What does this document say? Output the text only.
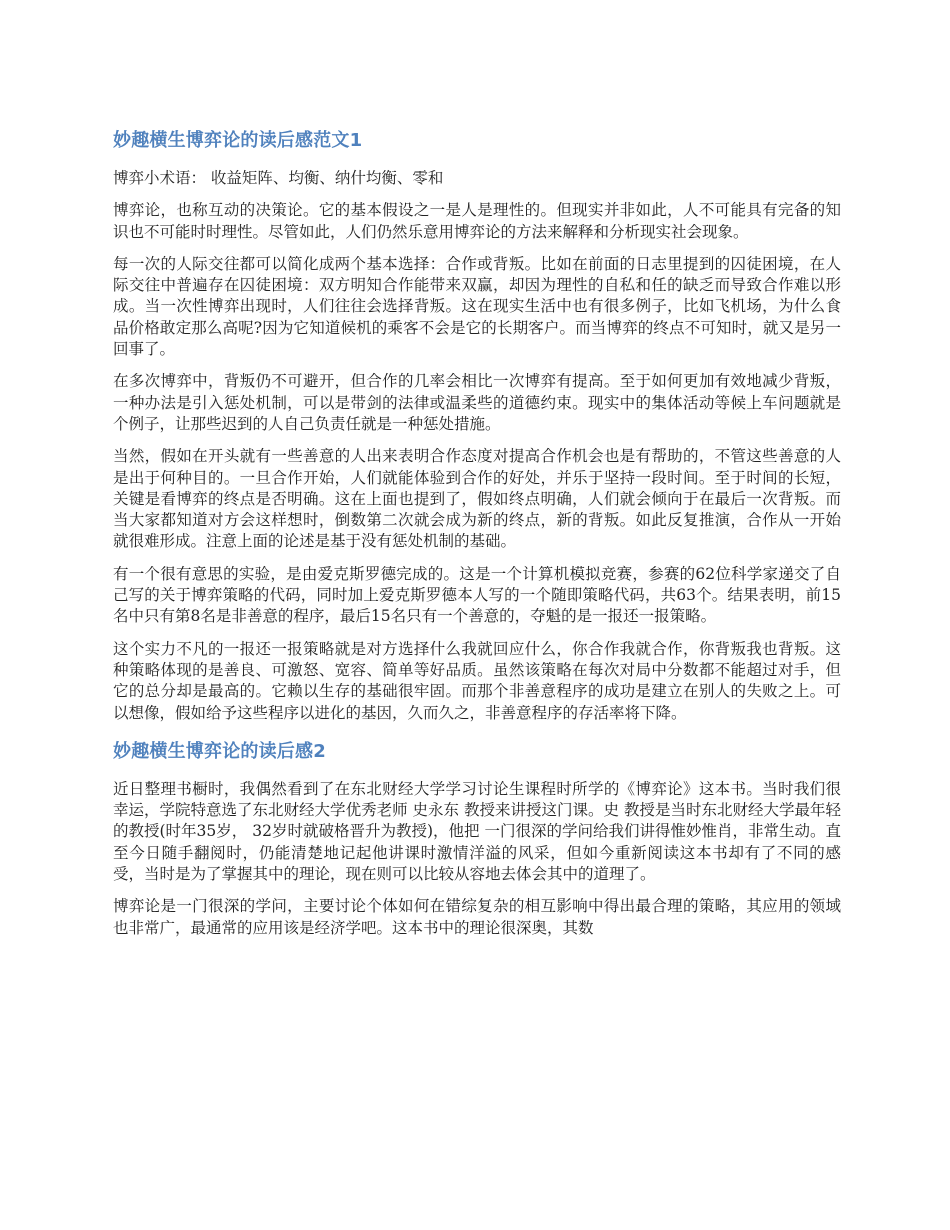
妙趣横生博弈论的读后感范文1

博弈小术语： 收益矩阵、均衡、纳什均衡、零和

博弈论，也称互动的决策论。它的基本假设之一是人是理性的。但现实并非如此，人不可能具有完备的知识也不可能时时理性。尽管如此，人们仍然乐意用博弈论的方法来解释和分析现实社会现象。

每一次的人际交往都可以简化成两个基本选择：合作或背叛。比如在前面的日志里提到的囚徒困境，在人际交往中普遍存在囚徒困境：双方明知合作能带来双赢，却因为理性的自私和任的缺乏而导致合作难以形成。当一次性博弈出现时，人们往往会选择背叛。这在现实生活中也有很多例子，比如飞机场，为什么食品价格敢定那么高呢?因为它知道候机的乘客不会是它的长期客户。而当博弈的终点不可知时，就又是另一回事了。

在多次博弈中，背叛仍不可避开，但合作的几率会相比一次博弈有提高。至于如何更加有效地减少背叛，一种办法是引入惩处机制，可以是带剑的法律或温柔些的道德约束。现实中的集体活动等候上车问题就是个例子，让那些迟到的人自己负责任就是一种惩处措施。

当然，假如在开头就有一些善意的人出来表明合作态度对提高合作机会也是有帮助的，不管这些善意的人是出于何种目的。一旦合作开始，人们就能体验到合作的好处，并乐于坚持一段时间。至于时间的长短，关键是看博弈的终点是否明确。这在上面也提到了，假如终点明确，人们就会倾向于在最后一次背叛。而当大家都知道对方会这样想时，倒数第二次就会成为新的终点，新的背叛。如此反复推演，合作从一开始就很难形成。注意上面的论述是基于没有惩处机制的基础。

有一个很有意思的实验，是由爱克斯罗德完成的。这是一个计算机模拟竞赛，参赛的62位科学家递交了自己写的关于博弈策略的代码，同时加上爱克斯罗德本人写的一个随即策略代码，共63个。结果表明，前15名中只有第8名是非善意的程序，最后15名只有一个善意的，夺魁的是一报还一报策略。

这个实力不凡的一报还一报策略就是对方选择什么我就回应什么，你合作我就合作，你背叛我也背叛。这种策略体现的是善良、可激怒、宽容、简单等好品质。虽然该策略在每次对局中分数都不能超过对手，但它的总分却是最高的。它赖以生存的基础很牢固。而那个非善意程序的成功是建立在别人的失败之上。可以想像，假如给予这些程序以进化的基因，久而久之，非善意程序的存活率将下降。

妙趣横生博弈论的读后感2

近日整理书橱时，我偶然看到了在东北财经大学学习讨论生课程时所学的《博弈论》这本书。当时我们很幸运，学院特意选了东北财经大学优秀老师 史永东 教授来讲授这门课。史 教授是当时东北财经大学最年轻的教授(时年35岁， 32岁时就破格晋升为教授)，他把 一门很深的学问给我们讲得惟妙惟肖，非常生动。直至今日随手翻阅时，仍能清楚地记起他讲课时激情洋溢的风采，但如今重新阅读这本书却有了不同的感受，当时是为了掌握其中的理论，现在则可以比较从容地去体会其中的道理了。

博弈论是一门很深的学问，主要讨论个体如何在错综复杂的相互影响中得出最合理的策略，其应用的领域也非常广，最通常的应用该是经济学吧。这本书中的理论很深奥，其数
